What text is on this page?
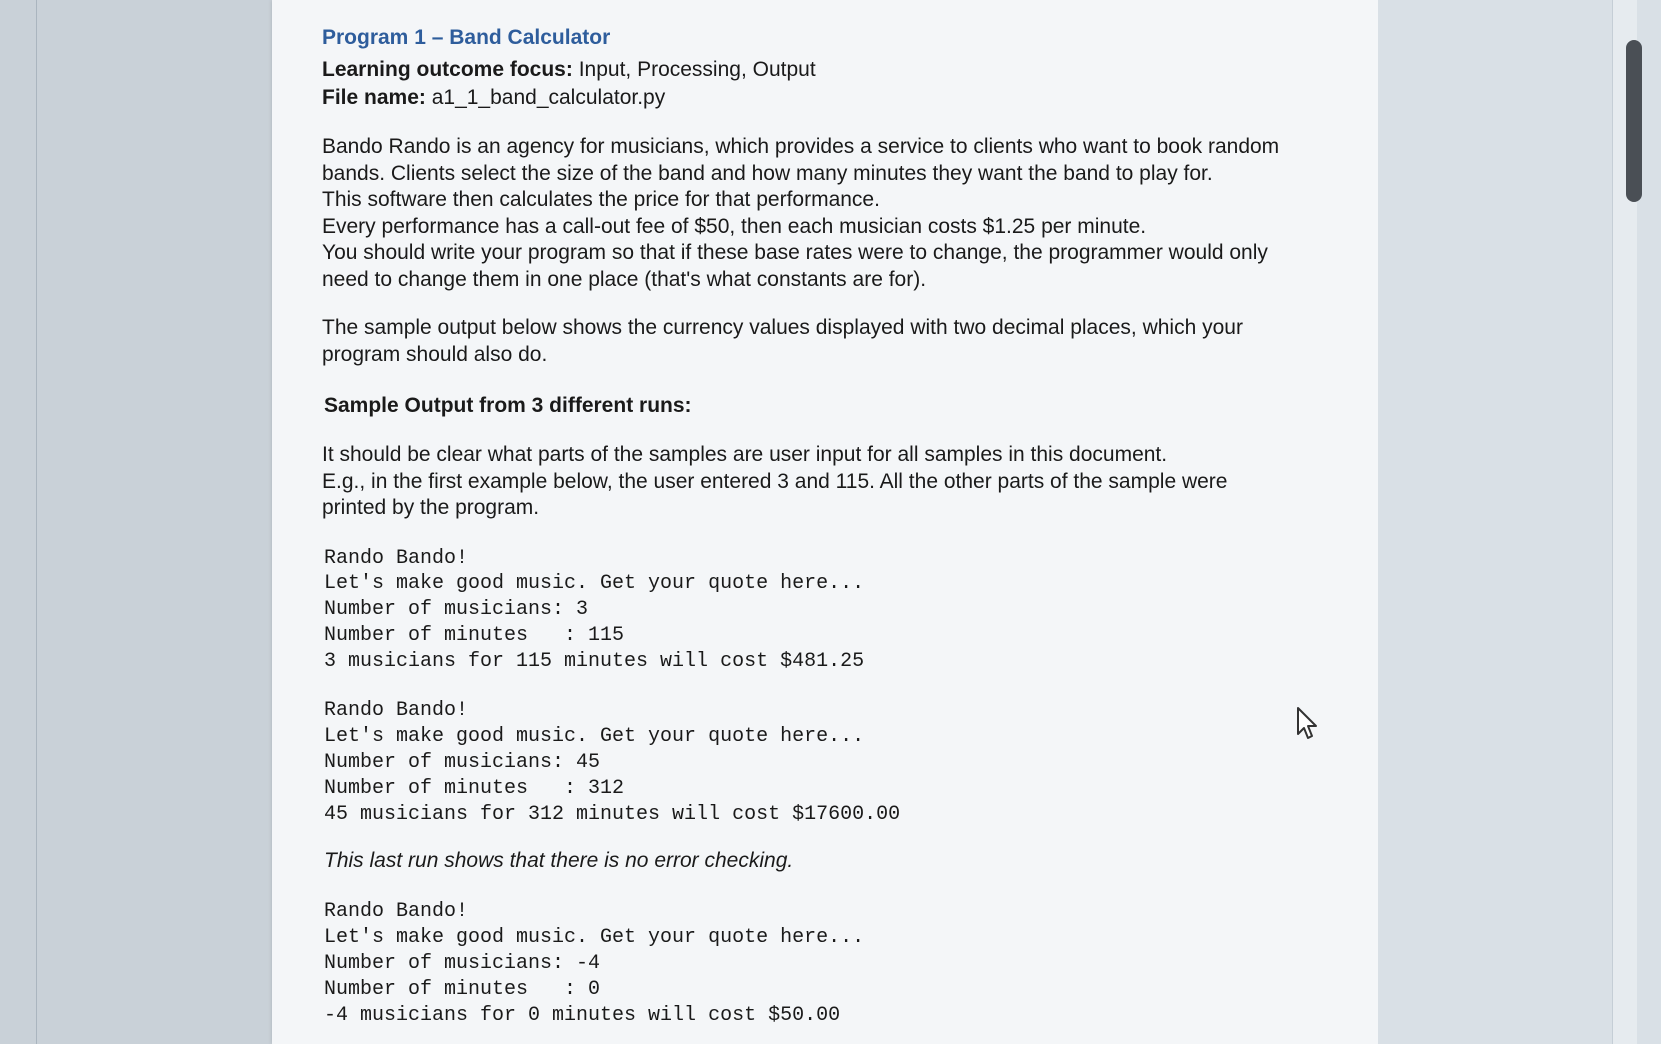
Program 1 – Band Calculator

Learning outcome focus: Input, Processing, Output

File name: a1_1_band_calculator.py

Bando Rando is an agency for musicians, which provides a service to clients who want to book random
bands. Clients select the size of the band and how many minutes they want the band to play for.
This software then calculates the price for that performance.
Every performance has a call-out fee of $50, then each musician costs $1.25 per minute.
You should write your program so that if these base rates were to change, the programmer would only
need to change them in one place (that's what constants are for).

The sample output below shows the currency values displayed with two decimal places, which your
program should also do.

Sample Output from 3 different runs:

It should be clear what parts of the samples are user input for all samples in this document.
E.g., in the first example below, the user entered 3 and 115. All the other parts of the sample were
printed by the program.

Rando Bando!
Let's make good music. Get your quote here...
Number of musicians: 3
Number of minutes   : 115
3 musicians for 115 minutes will cost $481.25
Rando Bando!
Let's make good music. Get your quote here...
Number of musicians: 45
Number of minutes   : 312
45 musicians for 312 minutes will cost $17600.00
This last run shows that there is no error checking.
Rando Bando!
Let's make good music. Get your quote here...
Number of musicians: -4
Number of minutes   : 0
-4 musicians for 0 minutes will cost $50.00
